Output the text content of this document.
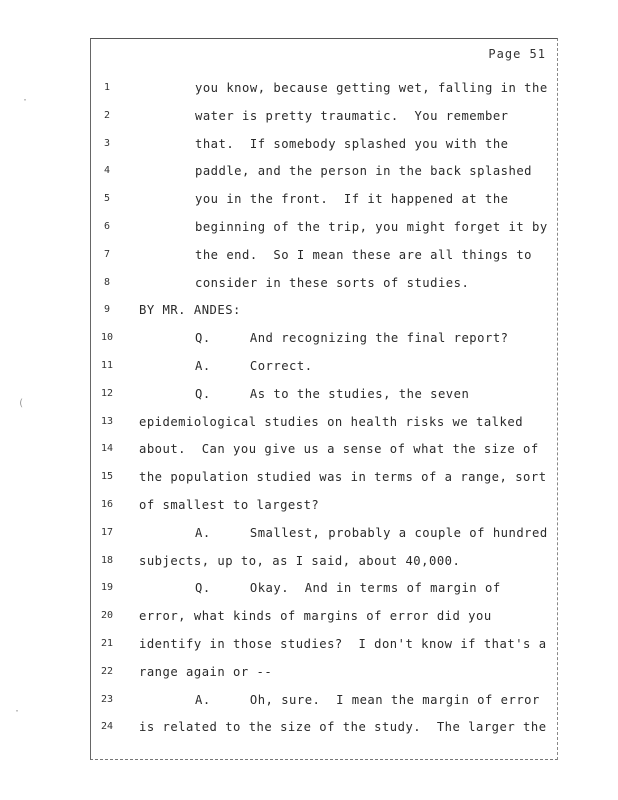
Page 51
1	you know, because getting wet, falling in the
2	water is pretty traumatic.  You remember
3	that.  If somebody splashed you with the
4	paddle, and the person in the back splashed
5	you in the front.  If it happened at the
6	beginning of the trip, you might forget it by
7	the end.  So I mean these are all things to
8	consider in these sorts of studies.
9	BY MR. ANDES:
10	Q.     And recognizing the final report?
11	A.     Correct.
12	Q.     As to the studies, the seven
13	epidemiological studies on health risks we talked
14	about.  Can you give us a sense of what the size of
15	the population studied was in terms of a range, sort
16	of smallest to largest?
17	A.     Smallest, probably a couple of hundred
18	subjects, up to, as I said, about 40,000.
19	Q.     Okay.  And in terms of margin of
20	error, what kinds of margins of error did you
21	identify in those studies?  I don't know if that's a
22	range again or --
23	A.     Oh, sure.  I mean the margin of error
24	is related to the size of the study.  The larger the
·
(
·
